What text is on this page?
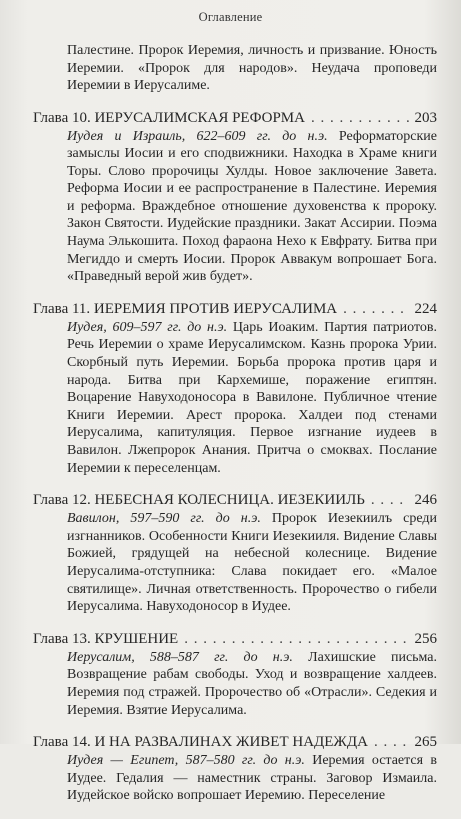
Оглавление
Палестине. Пророк Иеремия, личность и призвание. Юность Иеремии. «Пророк для народов». Неудача проповеди Иеремии в Иерусалиме.
Глава 10. ИЕРУСАЛИМСКАЯ РЕФОРМА . . .	203
Иудея и Израиль, 622–609 гг. до н.э. Реформаторские замыслы Иосии и его сподвижники. Находка в Храме книги Торы. Слово пророчицы Хулды. Новое заключение Завета. Реформа Иосии и ее распространение в Палестине. Иеремия и реформа. Враждебное отношение духовенства к пророку. Закон Святости. Иудейские праздники. Закат Ассирии. Поэма Наума Элькошита. Поход фараона Нехо к Евфрату. Битва при Мегиддо и смерть Иосии. Пророк Аввакум вопрошает Бога. «Праведный верой жив будет».
Глава 11. ИЕРЕМИЯ ПРОТИВ ИЕРУСАЛИМА . . .	224
Иудея, 609–597 гг. до н.э. Царь Иоаким. Партия патриотов. Речь Иеремии о храме Иерусалимском. Казнь пророка Урии. Скорбный путь Иеремии. Борьба пророка против царя и народа. Битва при Кархемише, поражение египтян. Воцарение Навуходоносора в Вавилоне. Публичное чтение Книги Иеремии. Арест пророка. Халдеи под стенами Иерусалима, капитуляция. Первое изгнание иудеев в Вавилон. Лжепророк Анания. Притча о смоквах. Послание Иеремии к переселенцам.
Глава 12. НЕБЕСНАЯ КОЛЕСНИЦА. ИЕЗЕКИИЛЬ . . .	246
Вавилон, 597–590 гг. до н.э. Пророк Иезекиилъ среди изгнанников. Особенности Книги Иезекииля. Видение Славы Божией, грядущей на небесной колеснице. Видение Иерусалима-отступника: Слава покидает его. «Малое святилище». Личная ответственность. Пророчество о гибели Иерусалима. Навуходоносор в Иудее.
Глава 13. КРУШЕНИЕ . . .	256
Иерусалим, 588–587 гг. до н.э. Лахишские письма. Возвращение рабам свободы. Уход и возвращение халдеев. Иеремия под стражей. Пророчество об «Отрасли». Седекия и Иеремия. Взятие Иерусалима.
Глава 14. И НА РАЗВАЛИНАХ ЖИВЕТ НАДЕЖДА . . .	265
Иудея — Египет, 587–580 гг. до н.э. Иеремия остается в Иудее. Гедалия — наместник страны. Заговор Измаила. Иудейское войско вопрошает Иеремию. Переселение
